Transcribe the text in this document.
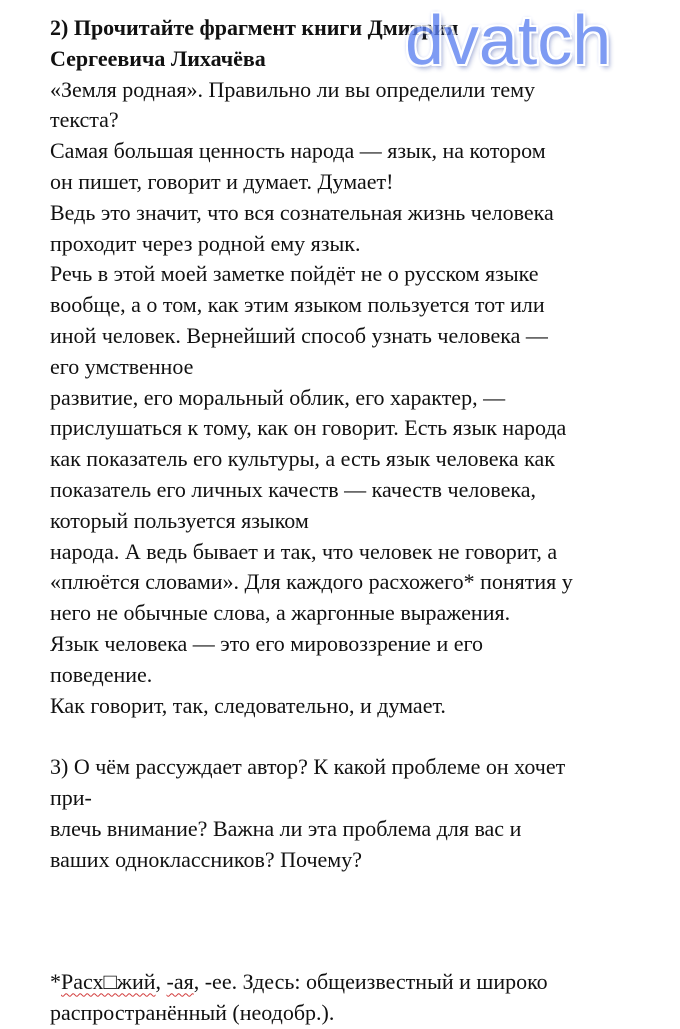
2) Прочитайте фрагмент книги Дмитрия
Сергеевича Лихачёва
«Земля родная». Правильно ли вы определили тему
текста?
Самая большая ценность народа — язык, на котором
он пишет, говорит и думает. Думает!
Ведь это значит, что вся сознательная жизнь человека
проходит через родной ему язык.
Речь в этой моей заметке пойдёт не о русском языке
вообще, а о том, как этим языком пользуется тот или
иной человек. Вернейший способ узнать человека —
его умственное
развитие, его моральный облик, его характер, —
прислушаться к тому, как он говорит. Есть язык народа
как показатель его культуры, а есть язык человека как
показатель его личных качеств — качеств человека,
который пользуется языком
народа. А ведь бывает и так, что человек не говорит, а
«плюётся словами». Для каждого расхожего* понятия у
него не обычные слова, а жаргонные выражения.
Язык человека — это его мировоззрение и его
поведение.
Как говорит, так, следовательно, и думает.
3) О чём рассуждает автор? К какой проблеме он хочет
при-
влечь внимание? Важна ли эта проблема для вас и
ваших одноклассников? Почему?
*Расх□жий, -ая, -ее. Здесь: общеизвестный и широко
распространённый (неодобр.).
dvatch
